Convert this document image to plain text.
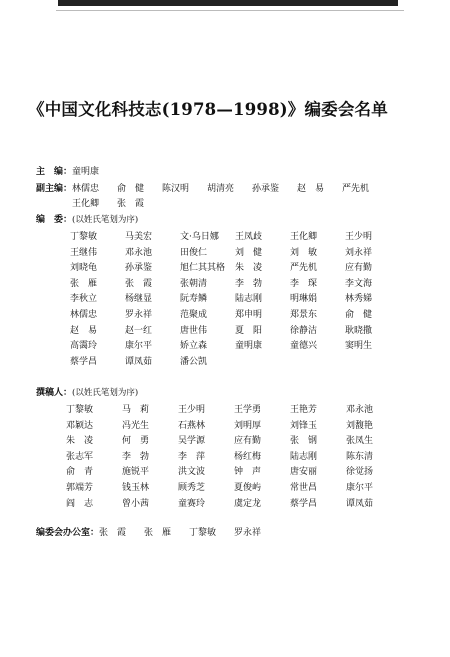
《中国文化科技志(1978—1998)》编委会名单
主　编：童明康
副主编：林儒忠　　俞　健　　陈汉明　　胡清亮　　孙承鉴　　赵　易　　严先机
王化卿　　张　霞
编　委：(以姓氏笔划为序)
丁黎敏	马美宏	文·乌日娜	王凤歧	王化卿	王少明
王继伟	邓永池	田俊仁	刘　健	刘　敏	刘永祥
刘晓龟	孙承鉴	旭仁其其格	朱　凌	严先机	应有勤
张　雁	张　霞	张朝清	李　勃	李　琛	李文海
李秋立	杨继显	阮寿鳞	陆志刚	明琳娟	林秀娣
林儒忠	罗永祥	范聚成	郑申明	郑景东	俞　健
赵　易	赵一红	唐世伟	夏　阳	徐静洁	耿晓撒
高霭玲	康尔平	娇立森	童明康	童德兴	窦明生
蔡学昌	谭凤茹	潘公凯
撰稿人：(以姓氏笔划为序)
丁黎敏	马　莉	王少明	王学勇	王艳芳	邓永池
邓颖达	冯光生	石燕林	刘明厚	刘锋玉	刘馥艳
朱　凌	何　勇	吴学源	应有勤	张　钢	张凤生
张志军	李　勃	李　萍	杨红梅	陆志刚	陈东清
俞　青	施锐平	洪文波	钟　声	唐安丽	徐觉扬
郭端芳	钱玉林	顾秀芝	夏俊屿	常世昌	康尔平
阎　志	曾小茜	童赛玲	虞定龙	蔡学昌	谭凤茹
编委会办公室：张　霞　　张　雁　　丁黎敏　　罗永祥
